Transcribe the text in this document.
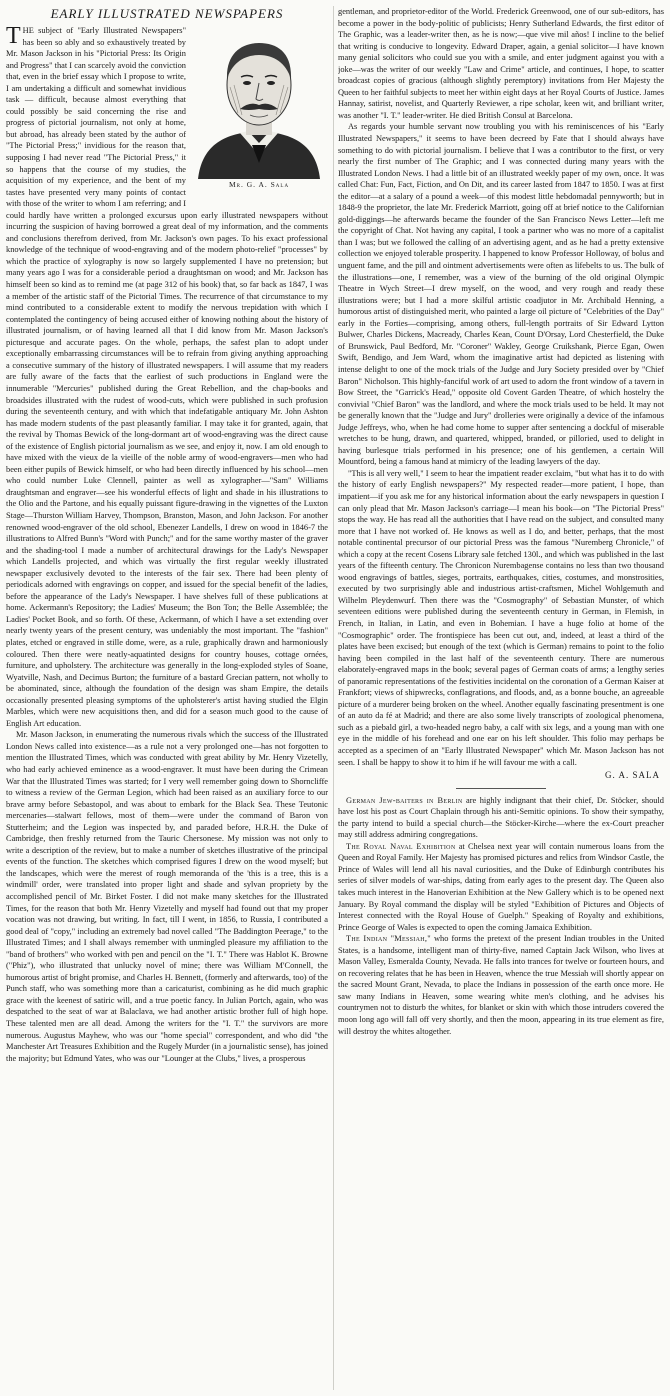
EARLY ILLUSTRATED NEWSPAPERS
Mr. G. A. Sala

THE subject of "Early Illustrated Newspapers" has been so ably and so exhaustively treated by Mr. Mason Jackson in his "Pictorial Press: Its Origin and Progress" that I can scarcely avoid the conviction that, even in the brief essay which I propose to write, I am undertaking a difficult and somewhat invidious task — difficult, because almost everything that could possibly be said concerning the rise and progress of pictorial journalism, not only at home, but abroad, has already been stated by the author of "The Pictorial Press;" invidious for the reason that, supposing I had never read "The Pictorial Press," it so happens that the course of my studies, the acquisition of my experience, and the bent of my tastes have presented very many points of contact with those of the writer to whom I am referring; and I could hardly have written a prolonged excursus upon early illustrated newspapers without incurring the suspicion of having borrowed a great deal of my information, and the comments and conclusions therefrom derived, from Mr. Jackson's own pages. To his exact professional knowledge of the technique of wood-engraving and of the modern photo-relief "processes" by which the practice of xylography is now so largely supplemented I have no pretension; but many years ago I was for a considerable period a draughtsman on wood; and Mr. Jackson has himself been so kind as to remind me (at page 312 of his book) that, so far back as 1847, I was a member of the artistic staff of the Pictorial Times. The recurrence of that circumstance to my mind contributed to a considerable extent to modify the nervous trepidation with which I contemplated the contingency of being accused either of knowing nothing about the history of illustrated journalism, or of having learned all that I did know from Mr. Mason Jackson's picturesque and accurate pages. On the whole, perhaps, the safest plan to adopt under exceptionally embarrassing circumstances will be to refrain from giving anything approaching a consecutive summary of the history of illustrated newspapers. I will assume that my readers are fully aware of the facts that the earliest of such productions in England were the innumerable "Mercuries" published during the Great Rebellion, and the chap-books and broadsides illustrated with the rudest of wood-cuts, which were published in such profusion during the seventeenth century, and with which that indefatigable antiquary Mr. John Ashton has made modern students of the past pleasantly familiar. I may take it for granted, again, that the revival by Thomas Bewick of the long-dormant art of wood-engraving was the direct cause of the existence of English pictorial journalism as we see, and enjoy it, now. I am old enough to have mixed with the vieux de la vieille of the noble army of wood-engravers—men who had been either pupils of Bewick himself, or who had been directly influenced by his school—men who could number Luke Clennell, painter as well as xylographer—"Sam" Williams draughtsman and engraver—see his wonderful effects of light and shade in his illustrations to the Olio and the Partone, and his equally puissant figure-drawing in the vignettes of the Luxton Stage—Thurston William Harvey, Thompson, Branston, Mason, and John Jackson. For another renowned wood-engraver of the old school, Ebenezer Landells, I drew on wood in 1846-7 the illustrations to Alfred Bunn's "Word with Punch;" and for the same worthy master of the graver and the shading-tool I made a number of architectural drawings for the Lady's Newspaper which Landells projected, and which was virtually the first regular weekly illustrated newspaper exclusively devoted to the interests of the fair sex. There had been plenty of periodicals adorned with engravings on copper, and issued for the special benefit of the ladies, before the appearance of the Lady's Newspaper. I have shelves full of these publications at home. Ackermann's Repository; the Ladies' Museum; the Bon Ton; the Belle Assemblée; the Ladies' Pocket Book, and so forth. Of these, Ackermann, of which I have a set extending over nearly twenty years of the present century, was undeniably the most important. The "fashion" plates, etched or engraved in stille dome, were, as a rule, graphically drawn and harmoniously coloured. Then there were neatly-aquatinted designs for country houses, cottage ornées, furniture, and upholstery. The architecture was generally in the long-exploded styles of Soane, Wyatville, Nash, and Decimus Burton; the furniture of a bastard Grecian pattern, not wholly to be abominated, since, although the foundation of the design was sham Empire, the details occasionally presented pleasing symptoms of the upholsterer's artist having studied the Elgin Marbles, which were new acquisitions then, and did for a season much good to the cause of English Art education.

Mr. Mason Jackson, in enumerating the numerous rivals which the success of the Illustrated London News called into existence—as a rule not a very prolonged one—has not forgotten to mention the Illustrated Times, which was conducted with great ability by Mr. Henry Vizetelly, who had early achieved eminence as a wood-engraver. It must have been during the Crimean War that the Illustrated Times was started; for I very well remember going down to Shorncliffe to witness a review of the German Legion, which had been raised as an auxiliary force to our brave army before Sebastopol, and was about to embark for the Black Sea. These Teutonic mercenaries—stalwart fellows, most of them—were under the command of Baron von Stutterheim; and the Legion was inspected by, and paraded before, H.R.H. the Duke of Cambridge, then freshly returned from the Tauric Chersonese. My mission was not only to write a description of the review, but to make a number of sketches illustrative of the principal events of the function. The sketches which comprised figures I drew on the wood myself; but the landscapes, which were the merest of rough memoranda of the 'this is a tree, this is a windmill' order, were translated into proper light and shade and sylvan propriety by the accomplished pencil of Mr. Birket Foster. I did not make many sketches for the Illustrated Times, for the reason that both Mr. Henry Vizetelly and myself had found out that my proper vocation was not drawing, but writing. In fact, till I went, in 1856, to Russia, I contributed a good deal of "copy," including an extremely bad novel called "The Baddington Peerage," to the Illustrated Times; and I shall always remember with unmingled pleasure my affiliation to the "band of brothers" who worked with pen and pencil on the "I. T." There was Hablot K. Browne ("Phiz"), who illustrated that unlucky novel of mine; there was William M'Connell, the humorous artist of bright promise, and Charles H. Bennett, (formerly and afterwards, too) of the Punch staff, who was something more than a caricaturist, combining as he did much graphic grace with the keenest of satiric will, and a true poetic fancy. In Julian Portch, again, who was despatched to the seat of war at Balaclava, we had another artistic brother full of high hope. These talented men are all dead. Among the writers for the "I. T." the survivors are more numerous. Augustus Mayhew, who was our "home special" correspondent, and who did "the Manchester Art Treasures Exhibition and the Rugely Murder (in a journalistic sense), has joined the majority; but Edmund Yates, who was our "Lounger at the Clubs," lives, a prosperous

gentleman, and proprietor-editor of the World. Frederick Greenwood, one of our sub-editors, has become a power in the body-politic of publicists; Henry Sutherland Edwards, the first editor of The Graphic, was a leader-writer then, as he is now;—que vive mil años! I incline to the belief that writing is conducive to longevity. Edward Draper, again, a genial solicitor—I have known many genial solicitors who could sue you with a smile, and enter judgment against you with a joke—was the writer of our weekly "Law and Crime" article, and continues, I hope, to scatter broadcast copies of gracious (although slightly peremptory) invitations from Her Majesty the Queen to her faithful subjects to meet her within eight days at her Royal Courts of Justice. James Hannay, satirist, novelist, and Quarterly Reviewer, a ripe scholar, keen wit, and brilliant writer, was another "I. T." leader-writer. He died British Consul at Barcelona.

As regards your humble servant now troubling you with his reminiscences of his "Early Illustrated Newspapers," it seems to have been decreed by Fate that I should always have something to do with pictorial journalism. I believe that I was a contributor to the first, or very nearly the first number of The Graphic; and I was connected during many years with the Illustrated London News. I had a little bit of an illustrated weekly paper of my own, once. It was called Chat: Fun, Fact, Fiction, and On Dit, and its career lasted from 1847 to 1850. I was at first the editor—at a salary of a pound a week—of this modest little hebdomadal pennyworth; but in 1848-9 the proprietor, the late Mr. Frederick Marriott, going off at brief notice to the Californian gold-diggings—he afterwards became the founder of the San Francisco News Letter—left me the copyright of Chat. Not having any capital, I took a partner who was no more of a capitalist than I was; but we followed the calling of an advertising agent, and as he had a pretty extensive collection we enjoyed tolerable prosperity. I happened to know Professor Holloway, of bolus and unguent fame, and the pill and ointment advertisements were often as lifebelts to us. The bulk of the illustrations—one, I remember, was a view of the burning of the old original Olympic Theatre in Wych Street—I drew myself, on the wood, and very rough and ready these illustrations were; but I had a more skilful artistic coadjutor in Mr. Archibald Henning, a humorous artist of distinguished merit, who painted a large oil picture of "Celebrities of the Day" early in the Forties—comprising, among others, full-length portraits of Sir Edward Lytton Bulwer, Charles Dickens, Macready, Charles Kean, Count D'Orsay, Lord Chesterfield, the Duke of Brunswick, Paul Bedford, Mr. "Coroner" Wakley, George Cruikshank, Pierce Egan, Owen Swift, Bendigo, and Jem Ward, whom the imaginative artist had depicted as listening with intense delight to one of the mock trials of the Judge and Jury Society presided over by "Chief Baron" Nicholson. This highly-fanciful work of art used to adorn the front window of a tavern in Bow Street, the "Garrick's Head," opposite old Covent Garden Theatre, of which hostelry the convivial "Chief Baron" was the landlord, and where the mock trials used to be held. It may not be generally known that the "Judge and Jury" drolleries were originally a device of the infamous Judge Jeffreys, who, when he had come home to supper after sentencing a dockful of miserable wretches to be hung, drawn, and quartered, whipped, branded, or pilloried, used to delight in having burlesque trials performed in his presence; one of his gentlemen, a certain Will Mountford, being a famous hand at mimicry of the leading lawyers of the day.

"This is all very well," I seem to hear the impatient reader exclaim, "but what has it to do with the history of early English newspapers?" My respected reader—more patient, I hope, than impatient—if you ask me for any historical information about the early newspapers in question I can only plead that Mr. Mason Jackson's carriage—I mean his book—on "The Pictorial Press" stops the way. He has read all the authorities that I have read on the subject, and consulted many more that I have not worked of. He knows as well as I do, and better, perhaps, that the most notable continental precursor of our pictorial Press was the famous "Nuremberg Chronicle," of which a copy at the recent Cosens Library sale fetched 130l., and which was published in the last years of the fifteenth century. The Chronicon Nurembagense contains no less than two thousand wood engravings of battles, sieges, portraits, earthquakes, cities, costumes, and monstrosities, executed by two surprisingly able and industrious artist-craftsmen, Michel Wohlgemuth and Wilhelm Pleydenwurf. Then there was the "Cosmography" of Sebastian Munster, of which seventeen editions were published during the seventeenth century in German, in Flemish, in French, in Italian, in Latin, and even in Bohemian. I have a huge folio at home of the "Cosmographic" order. The frontispiece has been cut out, and, indeed, at least a third of the plates have been excised; but enough of the text (which is German) remains to point to the folio having been compiled in the last half of the seventeenth century. There are numerous elaborately-engraved maps in the book; several pages of German coats of arms; a lengthy series of panoramic representations of the festivities incidental on the coronation of a German Kaiser at Frankfort; views of shipwrecks, conflagrations, and floods, and, as a bonne bouche, an agreeable picture of a murderer being broken on the wheel. Another equally fascinating presentment is one of an auto da fé at Madrid; and there are also some lively transcripts of zoological phenomena, such as a piebald girl, a two-headed negro baby, a calf with six legs, and a young man with one eye in the middle of his forehead and one ear on his left shoulder. This folio may perhaps be accepted as a specimen of an "Early Illustrated Newspaper" which Mr. Mason Jackson has not seen. I shall be happy to show it to him if he will favour me with a call.

G. A. SALA

German Jew-baiters in Berlin are highly indignant that their chief, Dr. Stöcker, should have lost his post as Court Chaplain through his anti-Semitic opinions. To show their sympathy, the party intend to build a special church—the Stöcker-Kirche—where the ex-Court preacher may still address admiring congregations.

The Royal Naval Exhibition at Chelsea next year will contain numerous loans from the Queen and Royal Family. Her Majesty has promised pictures and relics from Windsor Castle, the Prince of Wales will lend all his naval curiosities, and the Duke of Edinburgh contributes his series of silver models of war-ships, dating from early ages to the present day. The Queen also takes much interest in the Hanoverian Exhibition at the New Gallery which is to be opened next January. By Royal command the display will be styled "Exhibition of Pictures and Objects of Interest connected with the Royal House of Guelph." Speaking of Royalty and exhibitions, Prince George of Wales is expected to open the coming Jamaica Exhibition.

The Indian "Messiah," who forms the pretext of the present Indian troubles in the United States, is a handsome, intelligent man of thirty-five, named Captain Jack Wilson, who lives at Mason Valley, Esmeralda County, Nevada. He falls into trances for twelve or fourteen hours, and on recovering relates that he has been in Heaven, whence the true Messiah will shortly appear on the sacred Mount Grant, Nevada, to place the Indians in possession of the earth once more. He saw many Indians in Heaven, some wearing white men's clothing, and he advises his countrymen not to disturb the whites, for blanket or skin with which those intruders covered the moon long ago will fall off very shortly, and then the moon, appearing in its true element as fire, will destroy the whites altogether.
